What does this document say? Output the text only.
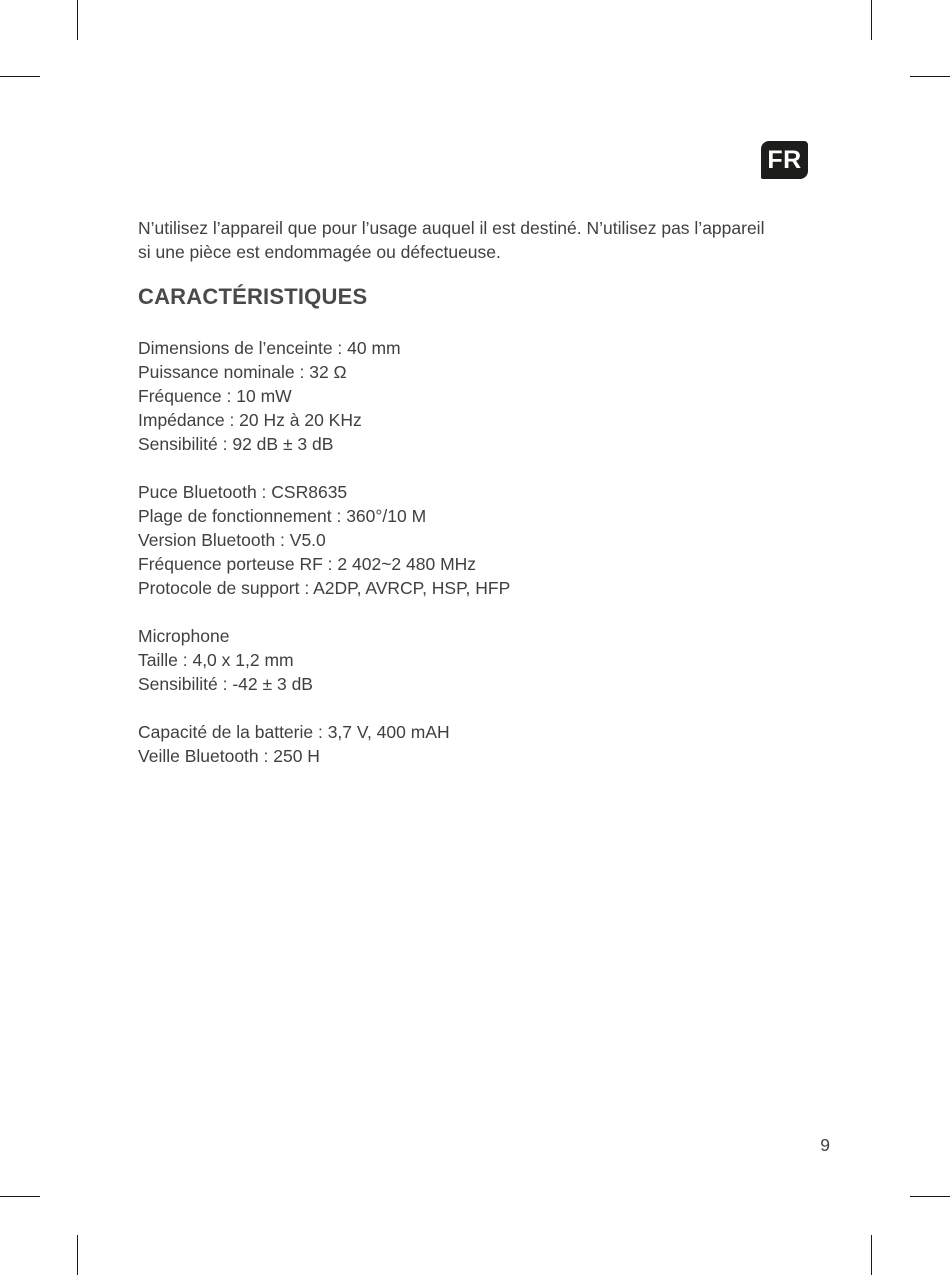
FR

N’utilisez l’appareil que pour l’usage auquel il est destiné. N’utilisez pas l’appareil
si une pièce est endommagée ou défectueuse.

CARACTÉRISTIQUES
Dimensions de l’enceinte : 40 mm
Puissance nominale : 32 Ω
Fréquence : 10 mW
Impédance : 20 Hz à 20 KHz
Sensibilité : 92 dB ± 3 dB
Puce Bluetooth : CSR8635
Plage de fonctionnement : 360°/10 M
Version Bluetooth : V5.0
Fréquence porteuse RF : 2 402~2 480 MHz
Protocole de support : A2DP, AVRCP, HSP, HFP
Microphone
Taille : 4,0 x 1,2 mm
Sensibilité : -42 ± 3 dB
Capacité de la batterie : 3,7 V, 400 mAH
Veille Bluetooth : 250 H
9
